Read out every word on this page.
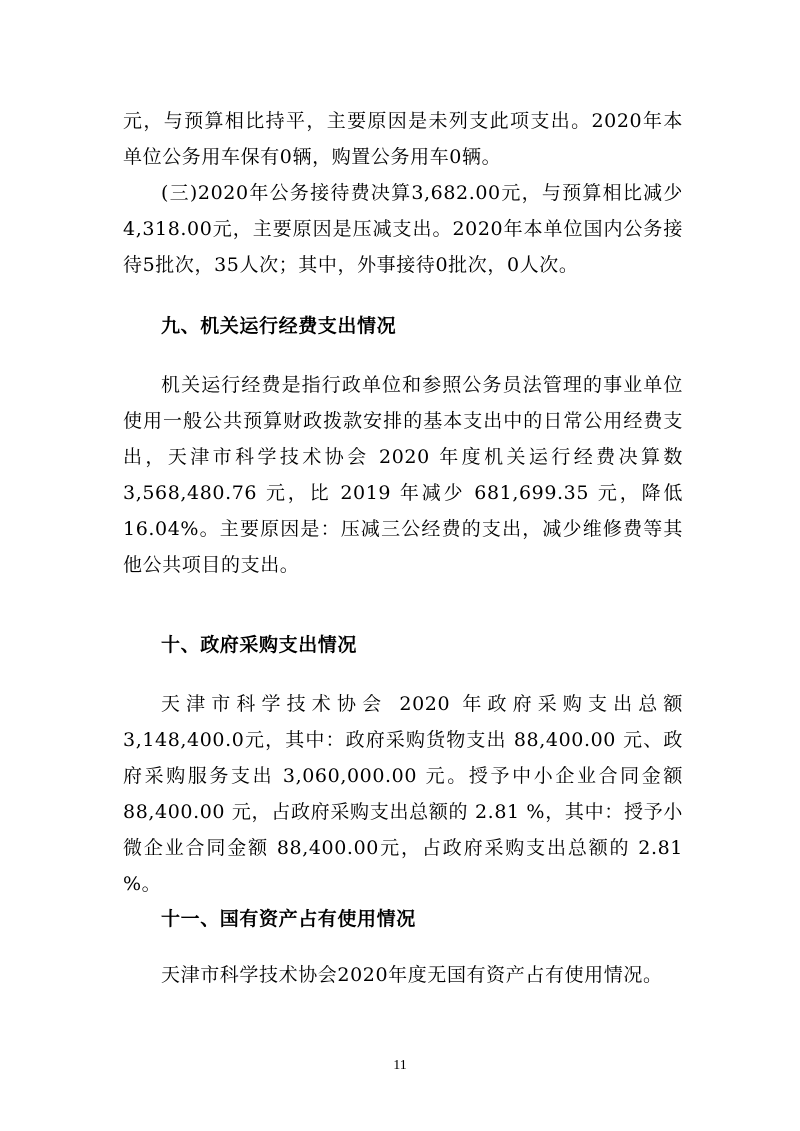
元，与预算相比持平，主要原因是未列支此项支出。2020年本单位公务用车保有0辆，购置公务用车0辆。

(三)2020年公务接待费决算3,682.00元，与预算相比减少4,318.00元，主要原因是压减支出。2020年本单位国内公务接待5批次，35人次；其中，外事接待0批次，0人次。

九、机关运行经费支出情况

机关运行经费是指行政单位和参照公务员法管理的事业单位使用一般公共预算财政拨款安排的基本支出中的日常公用经费支出，天津市科学技术协会 2020 年度机关运行经费决算数 3,568,480.76 元，比 2019 年减少 681,699.35 元，降低 16.04%。主要原因是：压减三公经费的支出，减少维修费等其他公共项目的支出。

十、政府采购支出情况

天津市科学技术协会 2020 年政府采购支出总额 3,148,400.0元，其中：政府采购货物支出 88,400.00 元、政府采购服务支出 3,060,000.00 元。授予中小企业合同金额 88,400.00 元，占政府采购支出总额的 2.81 %，其中：授予小微企业合同金额 88,400.00元，占政府采购支出总额的 2.81 %。

十一、国有资产占有使用情况

天津市科学技术协会2020年度无国有资产占有使用情况。

11
